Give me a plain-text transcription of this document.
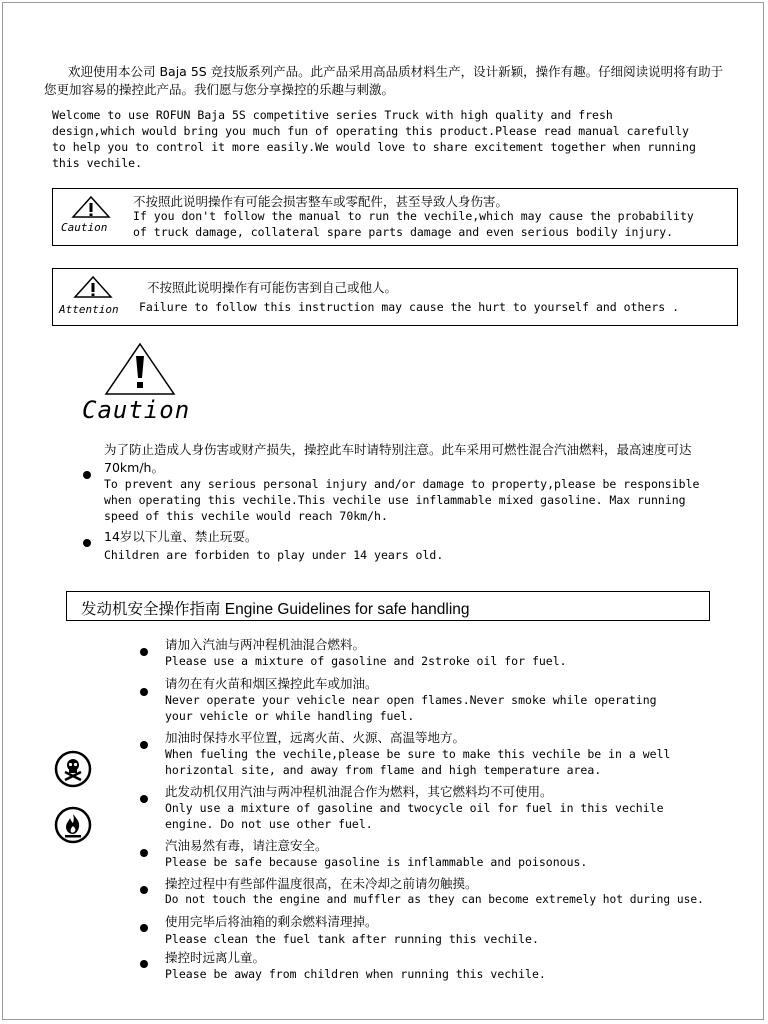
欢迎使用本公司 Baja 5S 竞技版系列产品。此产品采用高品质材料生产，设计新颖，操作有趣。仔细阅读说明将有助于您更加容易的操控此产品。我们愿与您分享操控的乐趣与刺激。
Welcome to use ROFUN Baja 5S competitive series Truck with high quality and fresh
design,which would bring you much fun of operating this product.Please read manual carefully
to help you to control it more easily.We would love to share excitement together when running
this vechile.
Caution
不按照此说明操作有可能会损害整车或零配件，甚至导致人身伤害。
If you don't follow the manual to run the vechile,which may cause the probability
of truck damage, collateral spare parts damage and even serious bodily injury.
Attention
不按照此说明操作有可能伤害到自己或他人。
Failure to follow this instruction may cause the hurt to yourself and others .
Caution
为了防止造成人身伤害或财产损失，操控此车时请特别注意。此车采用可燃性混合汽油燃料，最高速度可达70km/h。
To prevent any serious personal injury and/or damage to property,please be responsible
when operating this vechile.This vechile use inflammable mixed gasoline. Max running
speed of this vechile would reach 70km/h.
14岁以下儿童、禁止玩耍。
Children are forbiden to play under 14 years old.
发动机安全操作指南 Engine Guidelines for safe handling
请加入汽油与两冲程机油混合燃料。
Please use a mixture of gasoline and 2stroke oil for fuel.
请勿在有火苗和烟区操控此车或加油。
Never operate your vehicle near open flames.Never smoke while operating
your vehicle or while handling fuel.
加油时保持水平位置，远离火苗、火源、高温等地方。
When fueling the vechile,please be sure to make this vechile be in a well
horizontal site, and away from flame and high temperature area.
此发动机仅用汽油与两冲程机油混合作为燃料，其它燃料均不可使用。
Only use a mixture of gasoline and twocycle oil for fuel in this vechile
engine. Do not use other fuel.
汽油易然有毒，请注意安全。
Please be safe because gasoline is inflammable and poisonous.
操控过程中有些部件温度很高，在未冷却之前请勿触摸。
Do not touch the engine and muffler as they can become extremely hot during use.
使用完毕后将油箱的剩余燃料清理掉。
Please clean the fuel tank after running this vechile.
操控时远离儿童。
Please be away from children when running this vechile.
